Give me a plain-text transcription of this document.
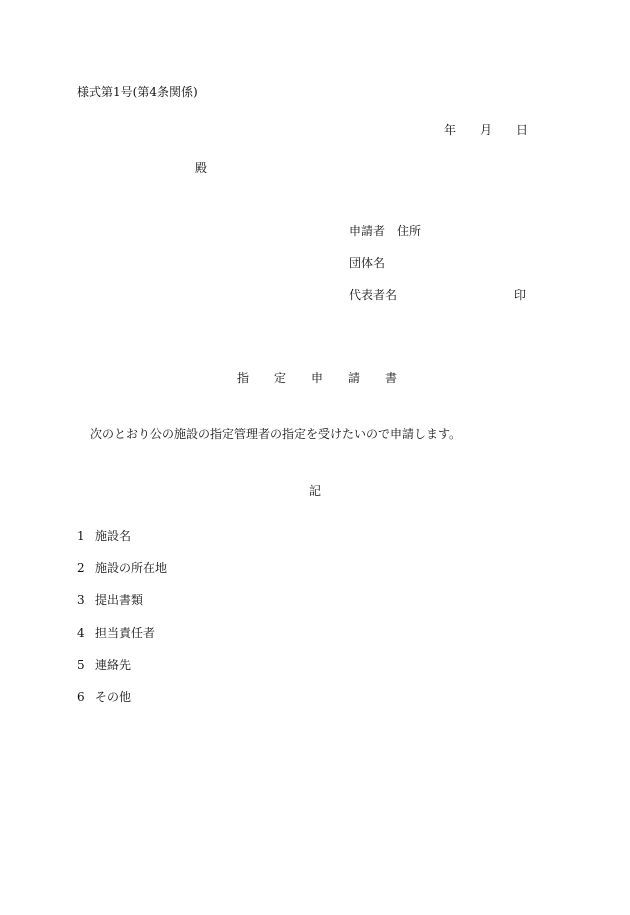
様式第1号(第4条関係)
年 月 日
殿
申請者 住所
団体名
代表者名	印
指 定 申 請 書
次のとおり公の施設の指定管理者の指定を受けたいので申請します。
記
1 施設名
2 施設の所在地
3 提出書類
4 担当責任者
5 連絡先
6 その他
